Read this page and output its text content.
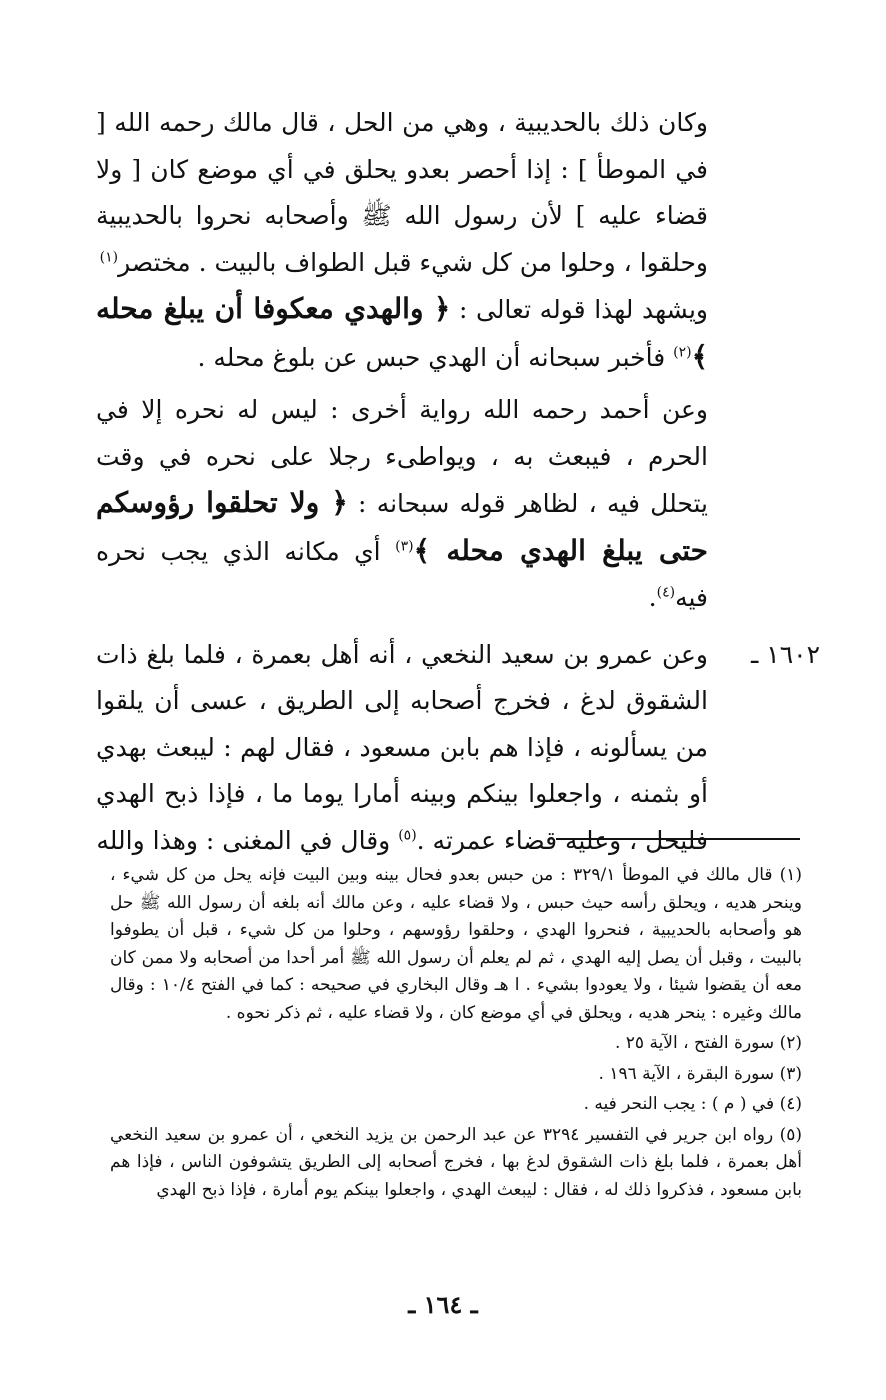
وكان ذلك بالحديبية ، وهي من الحل ، قال مالك رحمه الله [ في الموطأ ] : إذا أحصر بعدو يحلق في أي موضع كان [ ولا قضاء عليه ] لأن رسول الله ﷺ وأصحابه نحروا بالحديبية وحلقوا ، وحلوا من كل شيء قبل الطواف بالبيت . مختصر$^{(١)}$

ويشهد لهذا قوله تعالى : ﴿ والهدي معكوفا أن يبلغ محله ﴾$^{(٢)}$ فأخبر سبحانه أن الهدي حبس عن بلوغ محله .

وعن أحمد رحمه الله رواية أخرى : ليس له نحره إلا في الحرم ، فيبعث به ، ويواطىء رجلا على نحره في وقت يتحلل فيه ، لظاهر قوله سبحانه : ﴿ ولا تحلقوا رؤوسكم حتى يبلغ الهدي محله ﴾$^{(٣)}$ أي مكانه الذي يجب نحره فيه$^{(٤)}$.

١٦٠٢ ـ
وعن عمرو بن سعيد النخعي ، أنه أهل بعمرة ، فلما بلغ ذات الشقوق لدغ ، فخرج أصحابه إلى الطريق ، عسى أن يلقوا من يسألونه ، فإذا هم بابن مسعود ، فقال لهم : ليبعث بهدي أو بثمنه ، واجعلوا بينكم وبينه أمارا يوما ما ، فإذا ذبح الهدي فليحل ، وعليه قضاء عمرته .$^{(٥)}$ وقال في المغنى : وهذا والله

(١) قال مالك في الموطأ ٣٢٩/١ : من حبس بعدو فحال بينه وبين البيت فإنه يحل من كل شيء ، وينحر هديه ، ويحلق رأسه حيث حبس ، ولا قضاء عليه ، وعن مالك أنه بلغه أن رسول الله ﷺ حل هو وأصحابه بالحديبية ، فنحروا الهدي ، وحلقوا رؤوسهم ، وحلوا من كل شيء ، قبل أن يطوفوا بالبيت ، وقبل أن يصل إليه الهدي ، ثم لم يعلم أن رسول الله ﷺ أمر أحدا من أصحابه ولا ممن كان معه أن يقضوا شيئا ، ولا يعودوا بشيء . ا هـ وقال البخاري في صحيحه : كما في الفتح ١٠/٤ : وقال مالك وغيره : ينحر هديه ، ويحلق في أي موضع كان ، ولا قضاء عليه ، ثم ذكر نحوه .

(٢) سورة الفتح ، الآية ٢٥ .

(٣) سورة البقرة ، الآية ١٩٦ .

(٤) في ( م ) : يجب النحر فيه .

(٥) رواه ابن جرير في التفسير ٣٢٩٤ عن عبد الرحمن بن يزيد النخعي ، أن عمرو بن سعيد النخعي أهل بعمرة ، فلما بلغ ذات الشقوق لدغ بها ، فخرج أصحابه إلى الطريق يتشوفون الناس ، فإذا هم بابن مسعود ، فذكروا ذلك له ، فقال : ليبعث الهدي ، واجعلوا بينكم يوم أمارة ، فإذا ذبح الهدي

ـ ١٦٤ ـ
